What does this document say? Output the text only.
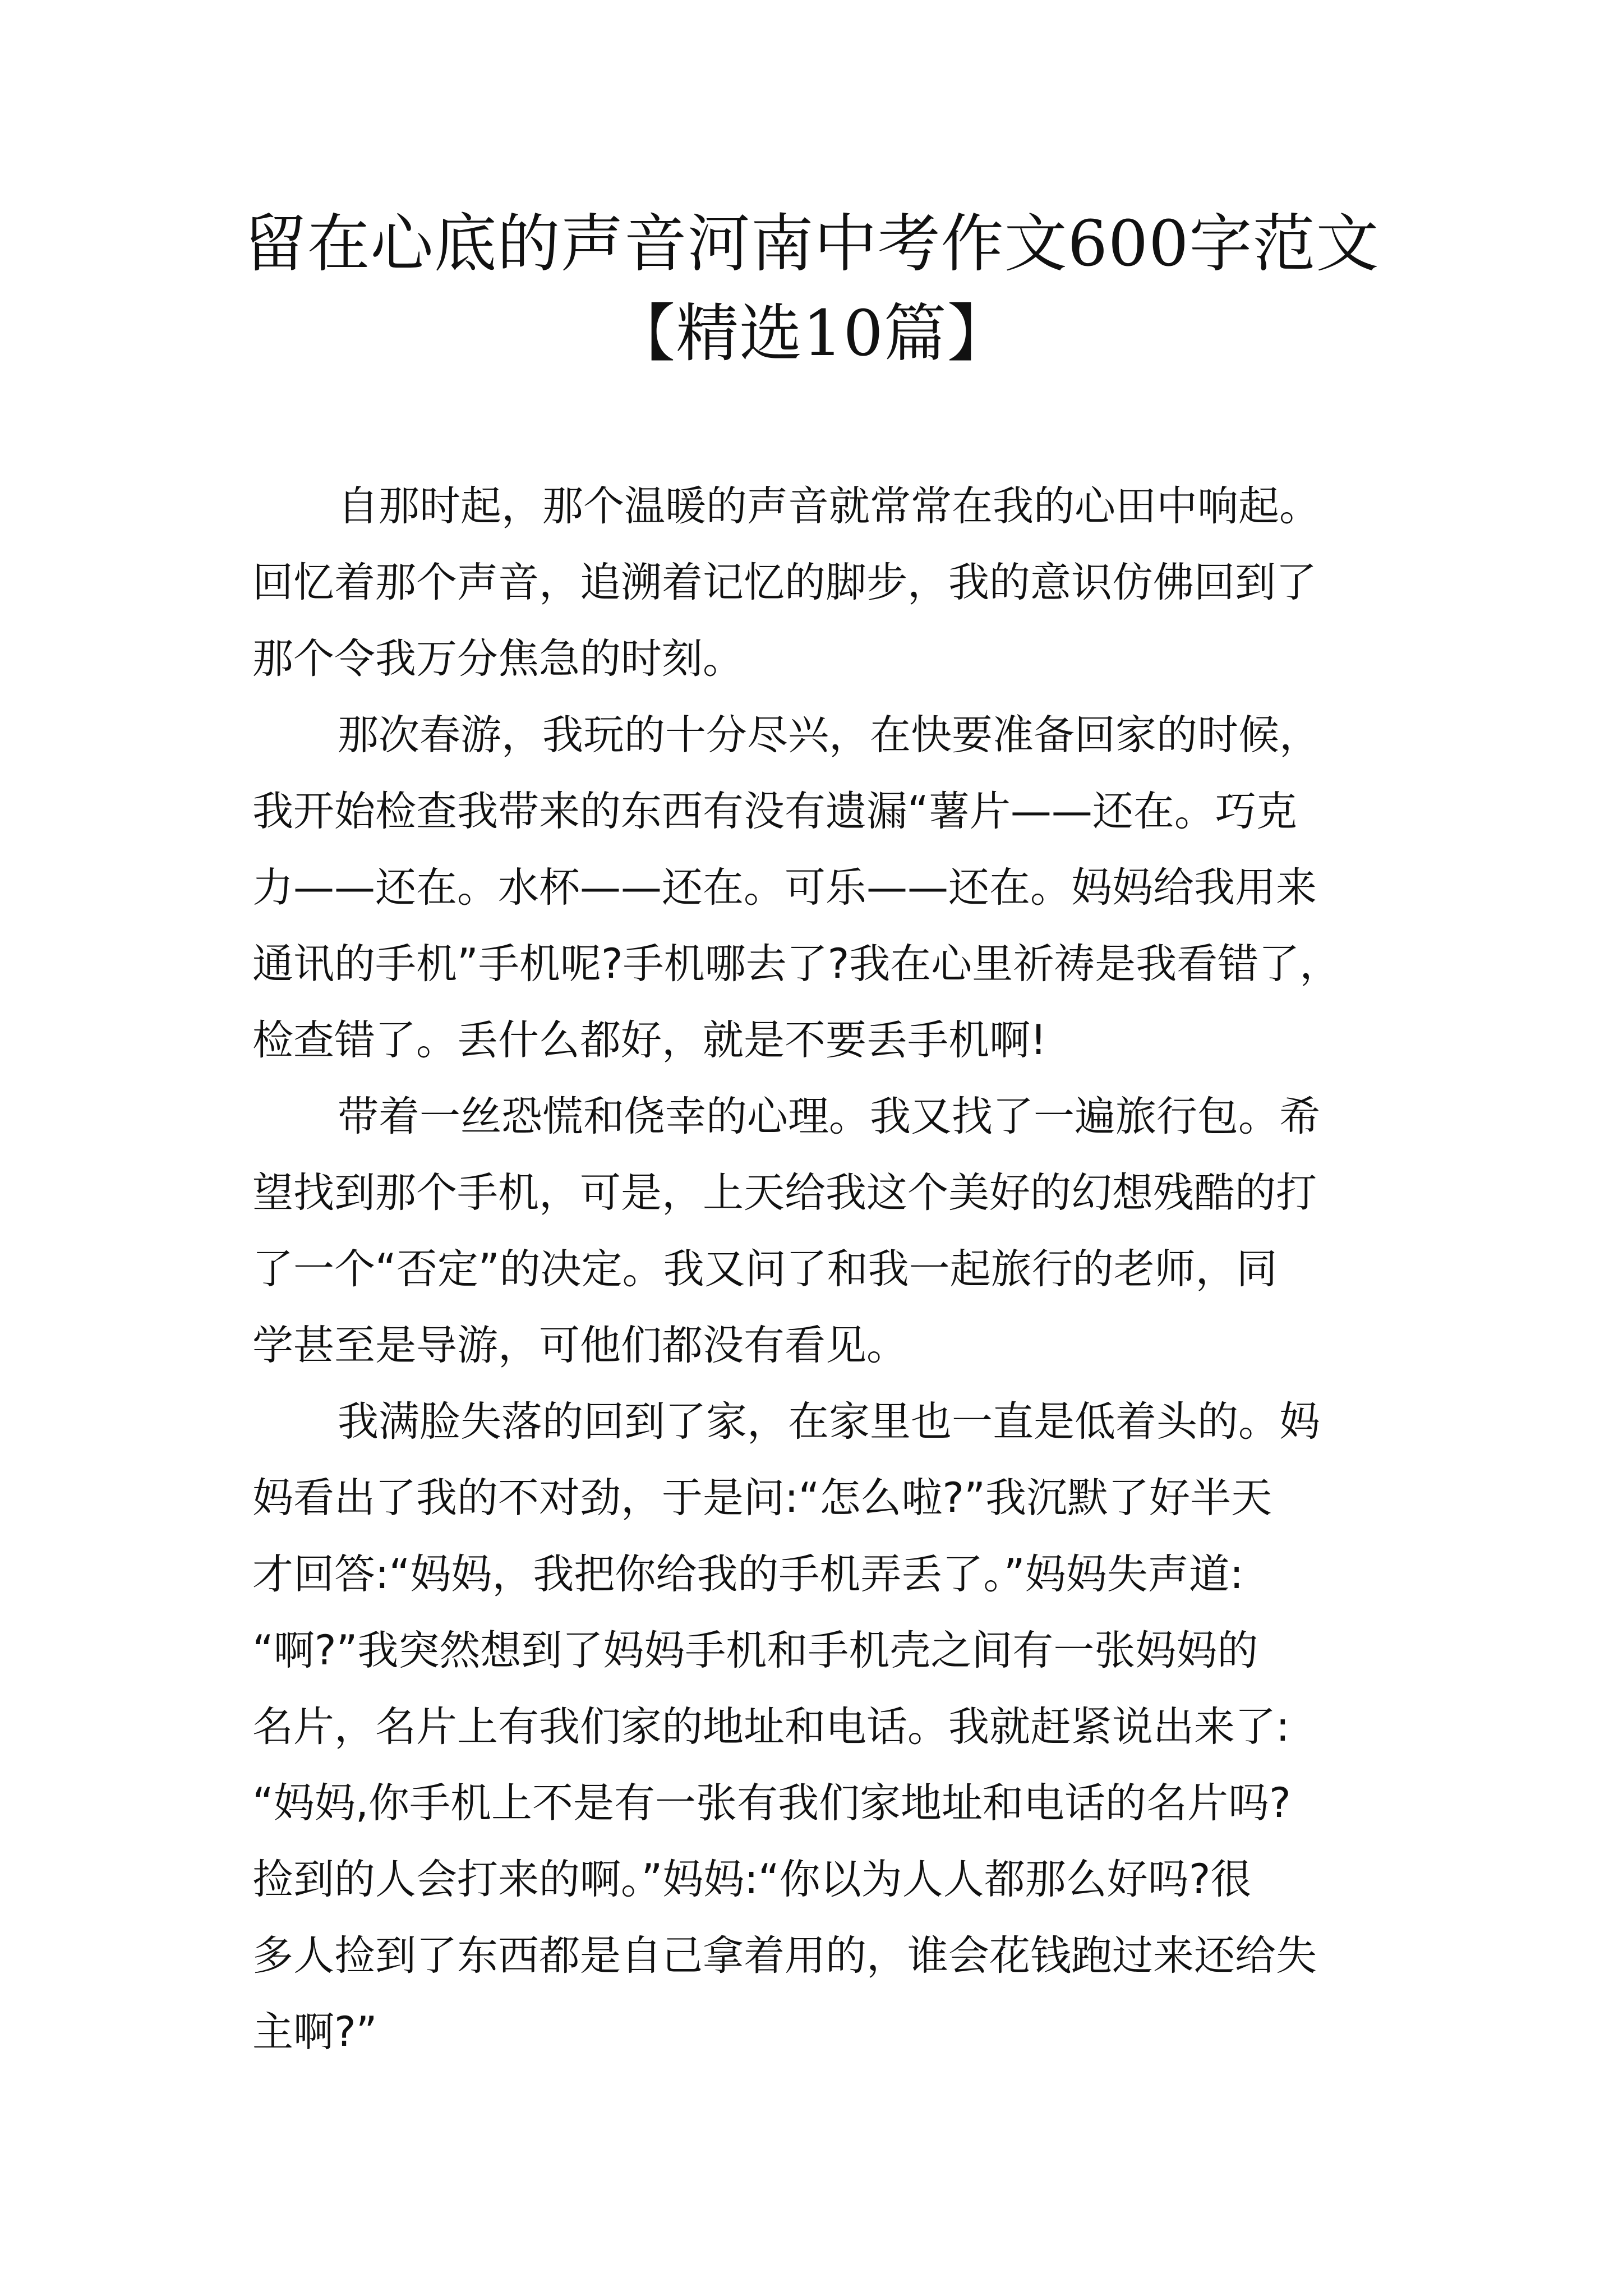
留在心底的声音河南中考作文600字范文
【精选10篇】

自那时起，那个温暖的声音就常常在我的心田中响起。
回忆着那个声音，追溯着记忆的脚步，我的意识仿佛回到了
那个令我万分焦急的时刻。

那次春游，我玩的十分尽兴，在快要准备回家的时候，
我开始检查我带来的东西有没有遗漏“薯片——还在。巧克
力——还在。水杯——还在。可乐——还在。妈妈给我用来
通讯的手机”手机呢?手机哪去了?我在心里祈祷是我看错了，
检查错了。丢什么都好，就是不要丢手机啊!

带着一丝恐慌和侥幸的心理。我又找了一遍旅行包。希
望找到那个手机，可是，上天给我这个美好的幻想残酷的打
了一个“否定”的决定。我又问了和我一起旅行的老师，同
学甚至是导游，可他们都没有看见。

我满脸失落的回到了家，在家里也一直是低着头的。妈
妈看出了我的不对劲，于是问:“怎么啦?”我沉默了好半天
才回答:“妈妈，我把你给我的手机弄丢了。”妈妈失声道:
“啊?”我突然想到了妈妈手机和手机壳之间有一张妈妈的
名片，名片上有我们家的地址和电话。我就赶紧说出来了:
“妈妈,你手机上不是有一张有我们家地址和电话的名片吗?
捡到的人会打来的啊。”妈妈:“你以为人人都那么好吗?很
多人捡到了东西都是自己拿着用的，谁会花钱跑过来还给失
主啊?”
